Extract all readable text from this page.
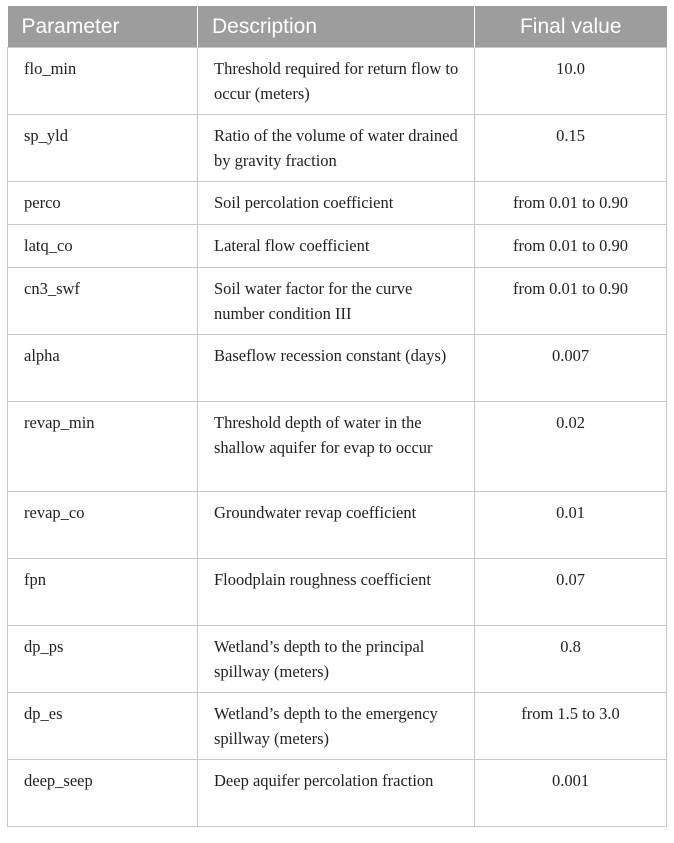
Parameter	Description	Final value
flo_min	Threshold required for return flow to occur (meters)	10.0
sp_yld	Ratio of the volume of water drained by gravity fraction	0.15
perco	Soil percolation coefficient	from 0.01 to 0.90
latq_co	Lateral flow coefficient	from 0.01 to 0.90
cn3_swf	Soil water factor for the curve number condition III	from 0.01 to 0.90
alpha	Baseflow recession constant (days)	0.007
revap_min	Threshold depth of water in the shallow aquifer for evap to occur	0.02
revap_co	Groundwater revap coefficient	0.01
fpn	Floodplain roughness coefficient	0.07
dp_ps	Wetland’s depth to the principal spillway (meters)	0.8
dp_es	Wetland’s depth to the emergency spillway (meters)	from 1.5 to 3.0
deep_seep	Deep aquifer percolation fraction	0.001
